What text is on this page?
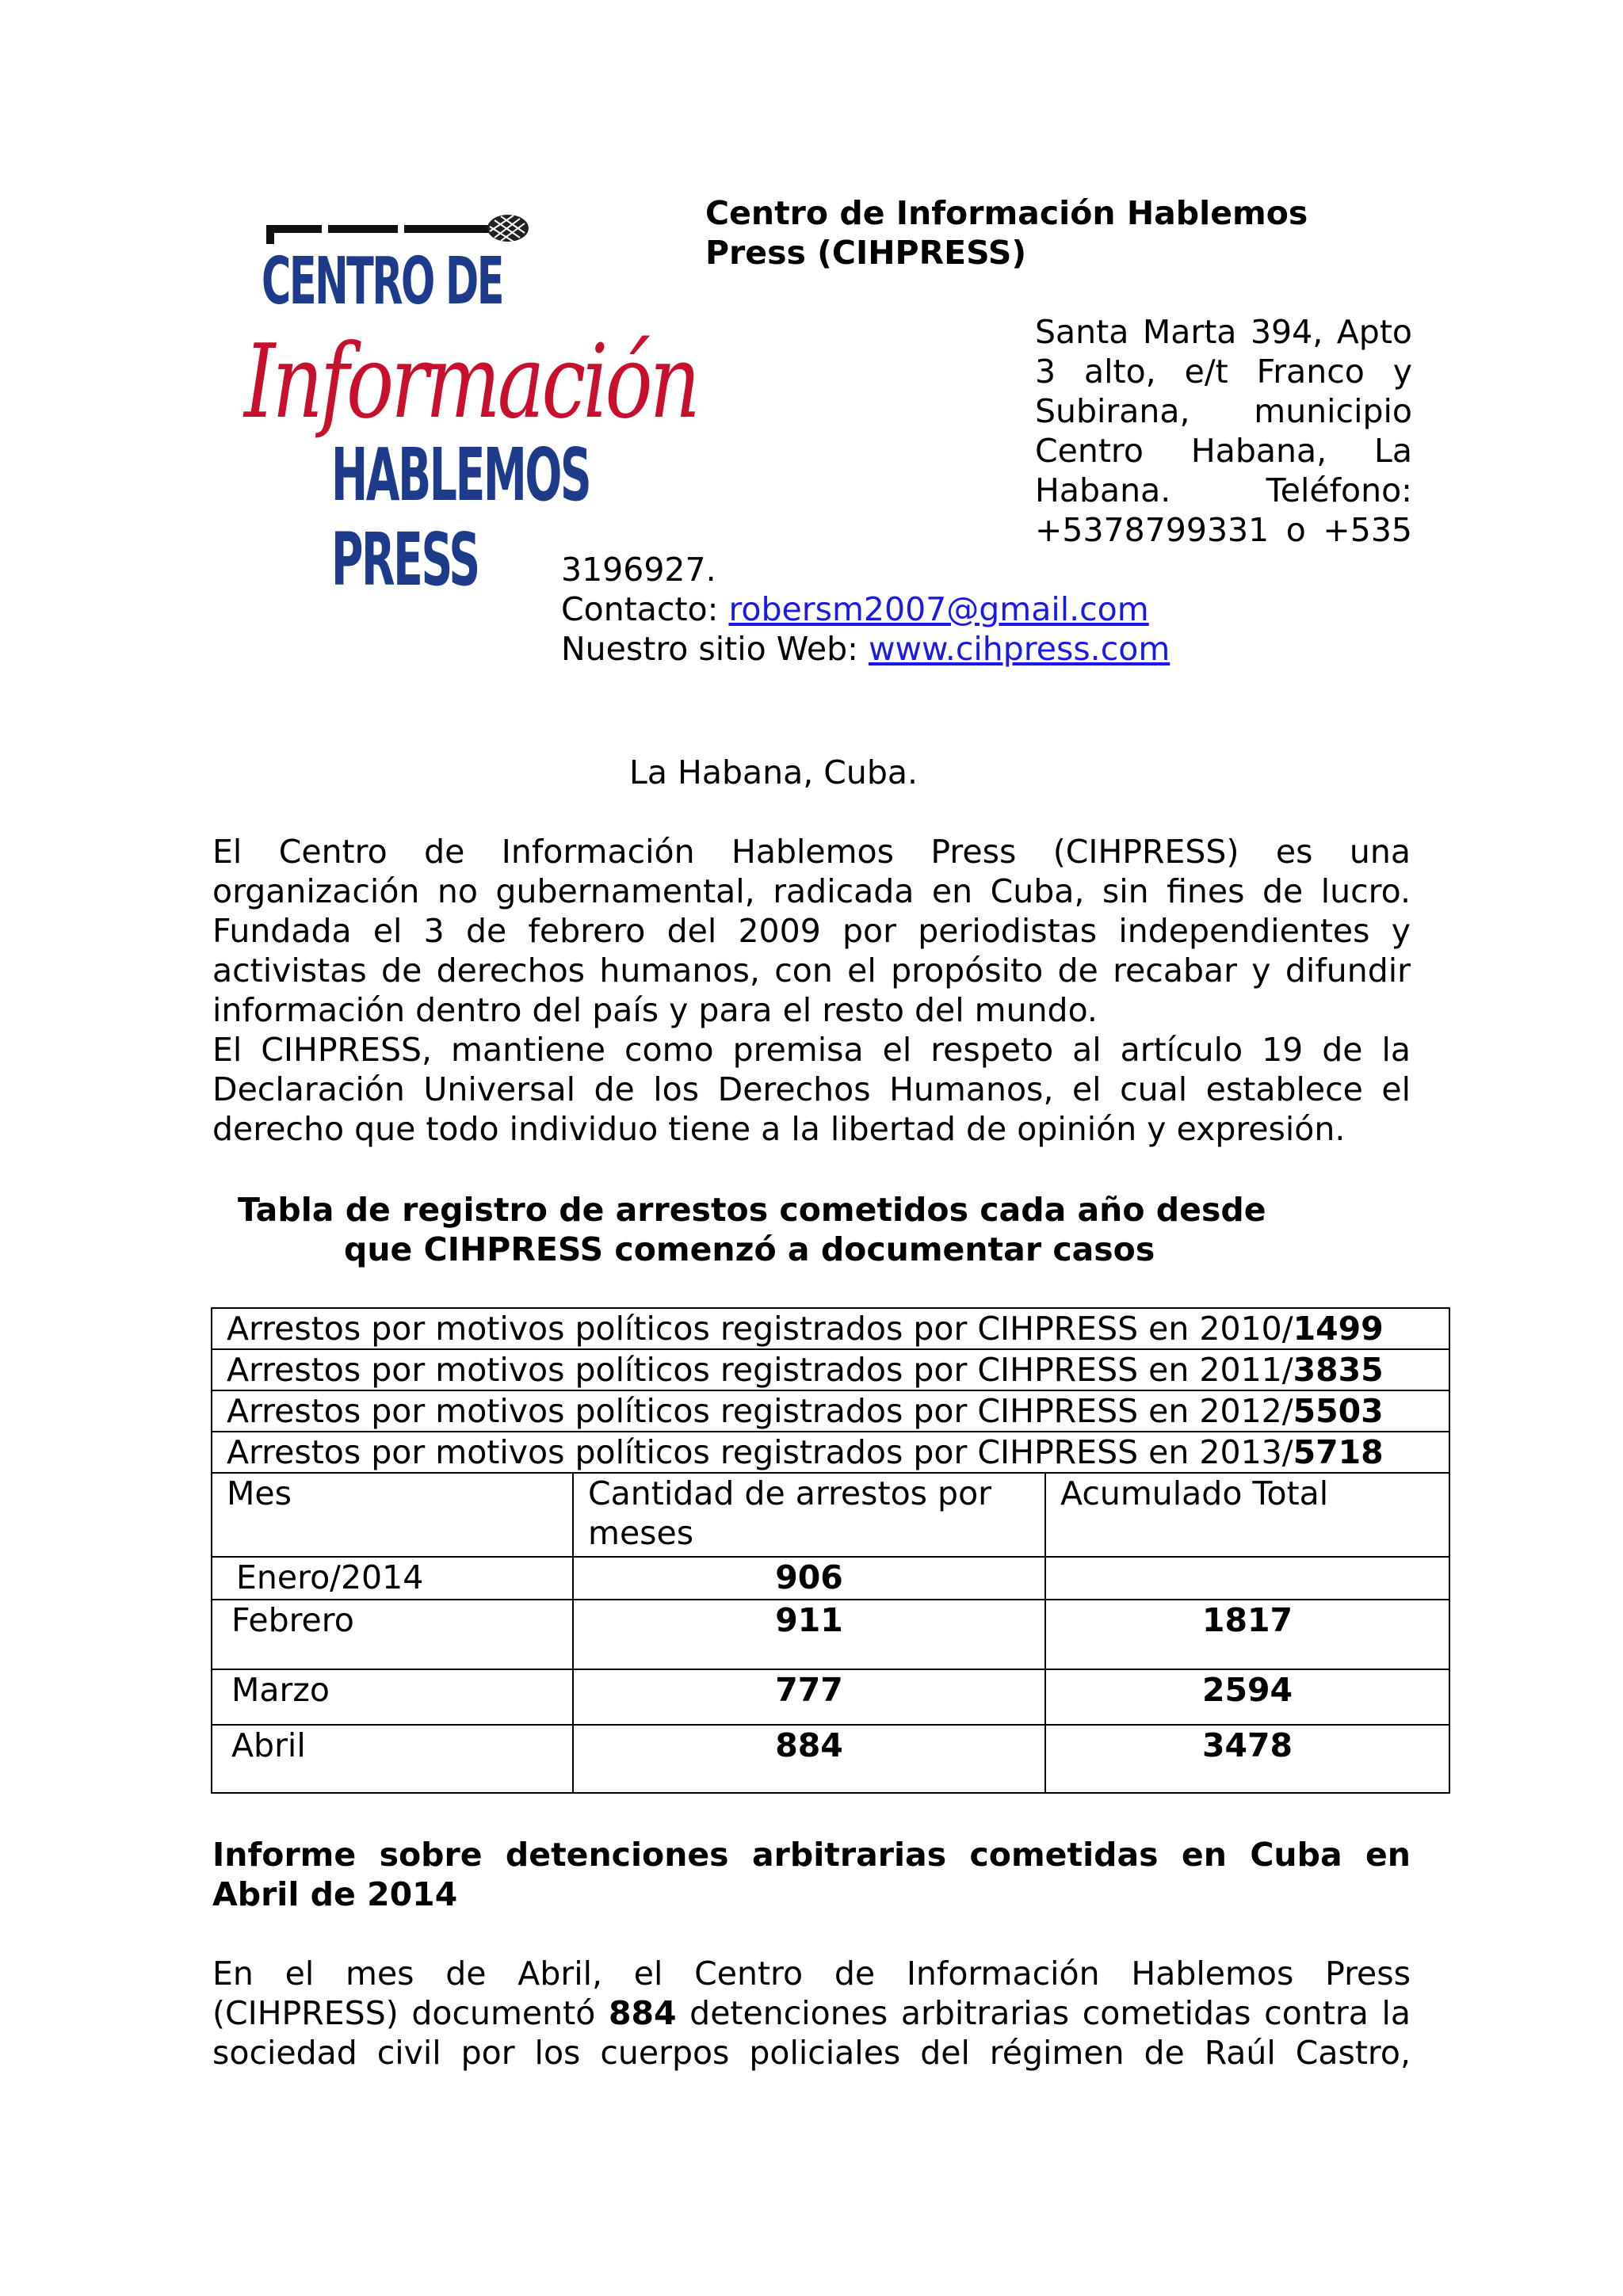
CENTRO DE
Información
HABLEMOS PRESS
Centro de Información Hablemos
Press (CIHPRESS)
Santa Marta 394, Apto
3 alto, e/t Franco y
Subirana, municipio
Centro Habana, La
Habana. Teléfono:
+5378799331 o +535
3196927.
Contacto: robersm2007@gmail.com
Nuestro sitio Web: www.cihpress.com
La Habana, Cuba.
El Centro de Información Hablemos Press (CIHPRESS) es una
organización no gubernamental, radicada en Cuba, sin fines de lucro.
Fundada el 3 de febrero del 2009 por periodistas independientes y
activistas de derechos humanos, con el propósito de recabar y difundir
información dentro del país y para el resto del mundo.
El CIHPRESS, mantiene como premisa el respeto al artículo 19 de la
Declaración Universal de los Derechos Humanos, el cual establece el
derecho que todo individuo tiene a la libertad de opinión y expresión.
Tabla de registro de arrestos cometidos cada año desde
que CIHPRESS comenzó a documentar casos
Arrestos por motivos políticos registrados por CIHPRESS en 2010/1499		
Arrestos por motivos políticos registrados por CIHPRESS en 2011/3835		
Arrestos por motivos políticos registrados por CIHPRESS en 2012/5503		
Arrestos por motivos políticos registrados por CIHPRESS en 2013/5718		
Mes	Cantidad de arrestos por meses	Acumulado Total
Enero/2014	906	
Febrero	911	1817
Marzo	777	2594
Abril	884	3478
Informe sobre detenciones arbitrarias cometidas en Cuba en
Abril de 2014
En el mes de Abril, el Centro de Información Hablemos Press
(CIHPRESS) documentó 884 detenciones arbitrarias cometidas contra la
sociedad civil por los cuerpos policiales del régimen de Raúl Castro,
